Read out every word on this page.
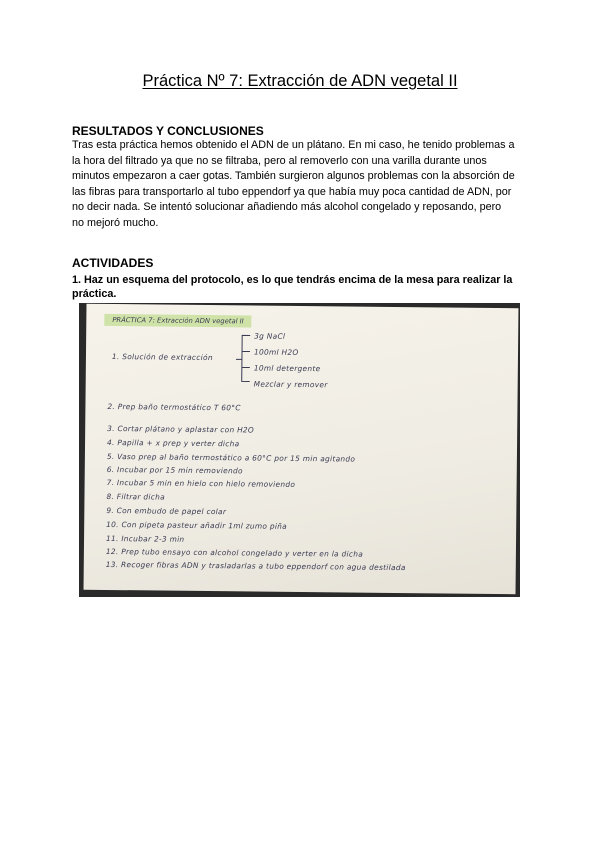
Práctica Nº 7: Extracción de ADN vegetal II
RESULTADOS Y CONCLUSIONES
Tras esta práctica hemos obtenido el ADN de un plátano. En mi caso, he tenido problemas a
la hora del filtrado ya que no se filtraba, pero al removerlo con una varilla durante unos
minutos empezaron a caer gotas. También surgieron algunos problemas con la absorción de
las fibras para transportarlo al tubo eppendorf ya que había muy poca cantidad de ADN, por
no decir nada. Se intentó solucionar añadiendo más alcohol congelado y reposando, pero
no mejoró mucho.
ACTIVIDADES
1. Haz un esquema del protocolo, es lo que tendrás encima de la mesa para realizar la
práctica.
PRÁCTICA 7: Extracción ADN vegetal II
1. Solución de extracción
3g NaCl
100ml H2O
10ml detergente
Mezclar y remover
2. Prep baño termostático T 60°C
3. Cortar plátano y aplastar con H2O
4. Papilla + x prep y verter dicha
5. Vaso prep al baño termostático a 60°C por 15 min agitando
6. Incubar por 15 min removiendo
7. Incubar 5 min en hielo con hielo removiendo
8. Filtrar dicha
9. Con embudo de papel colar
10. Con pipeta pasteur añadir 1ml zumo piña
11. Incubar 2-3 min
12. Prep tubo ensayo con alcohol congelado y verter en la dicha
13. Recoger fibras ADN y trasladarlas a tubo eppendorf con agua destilada
